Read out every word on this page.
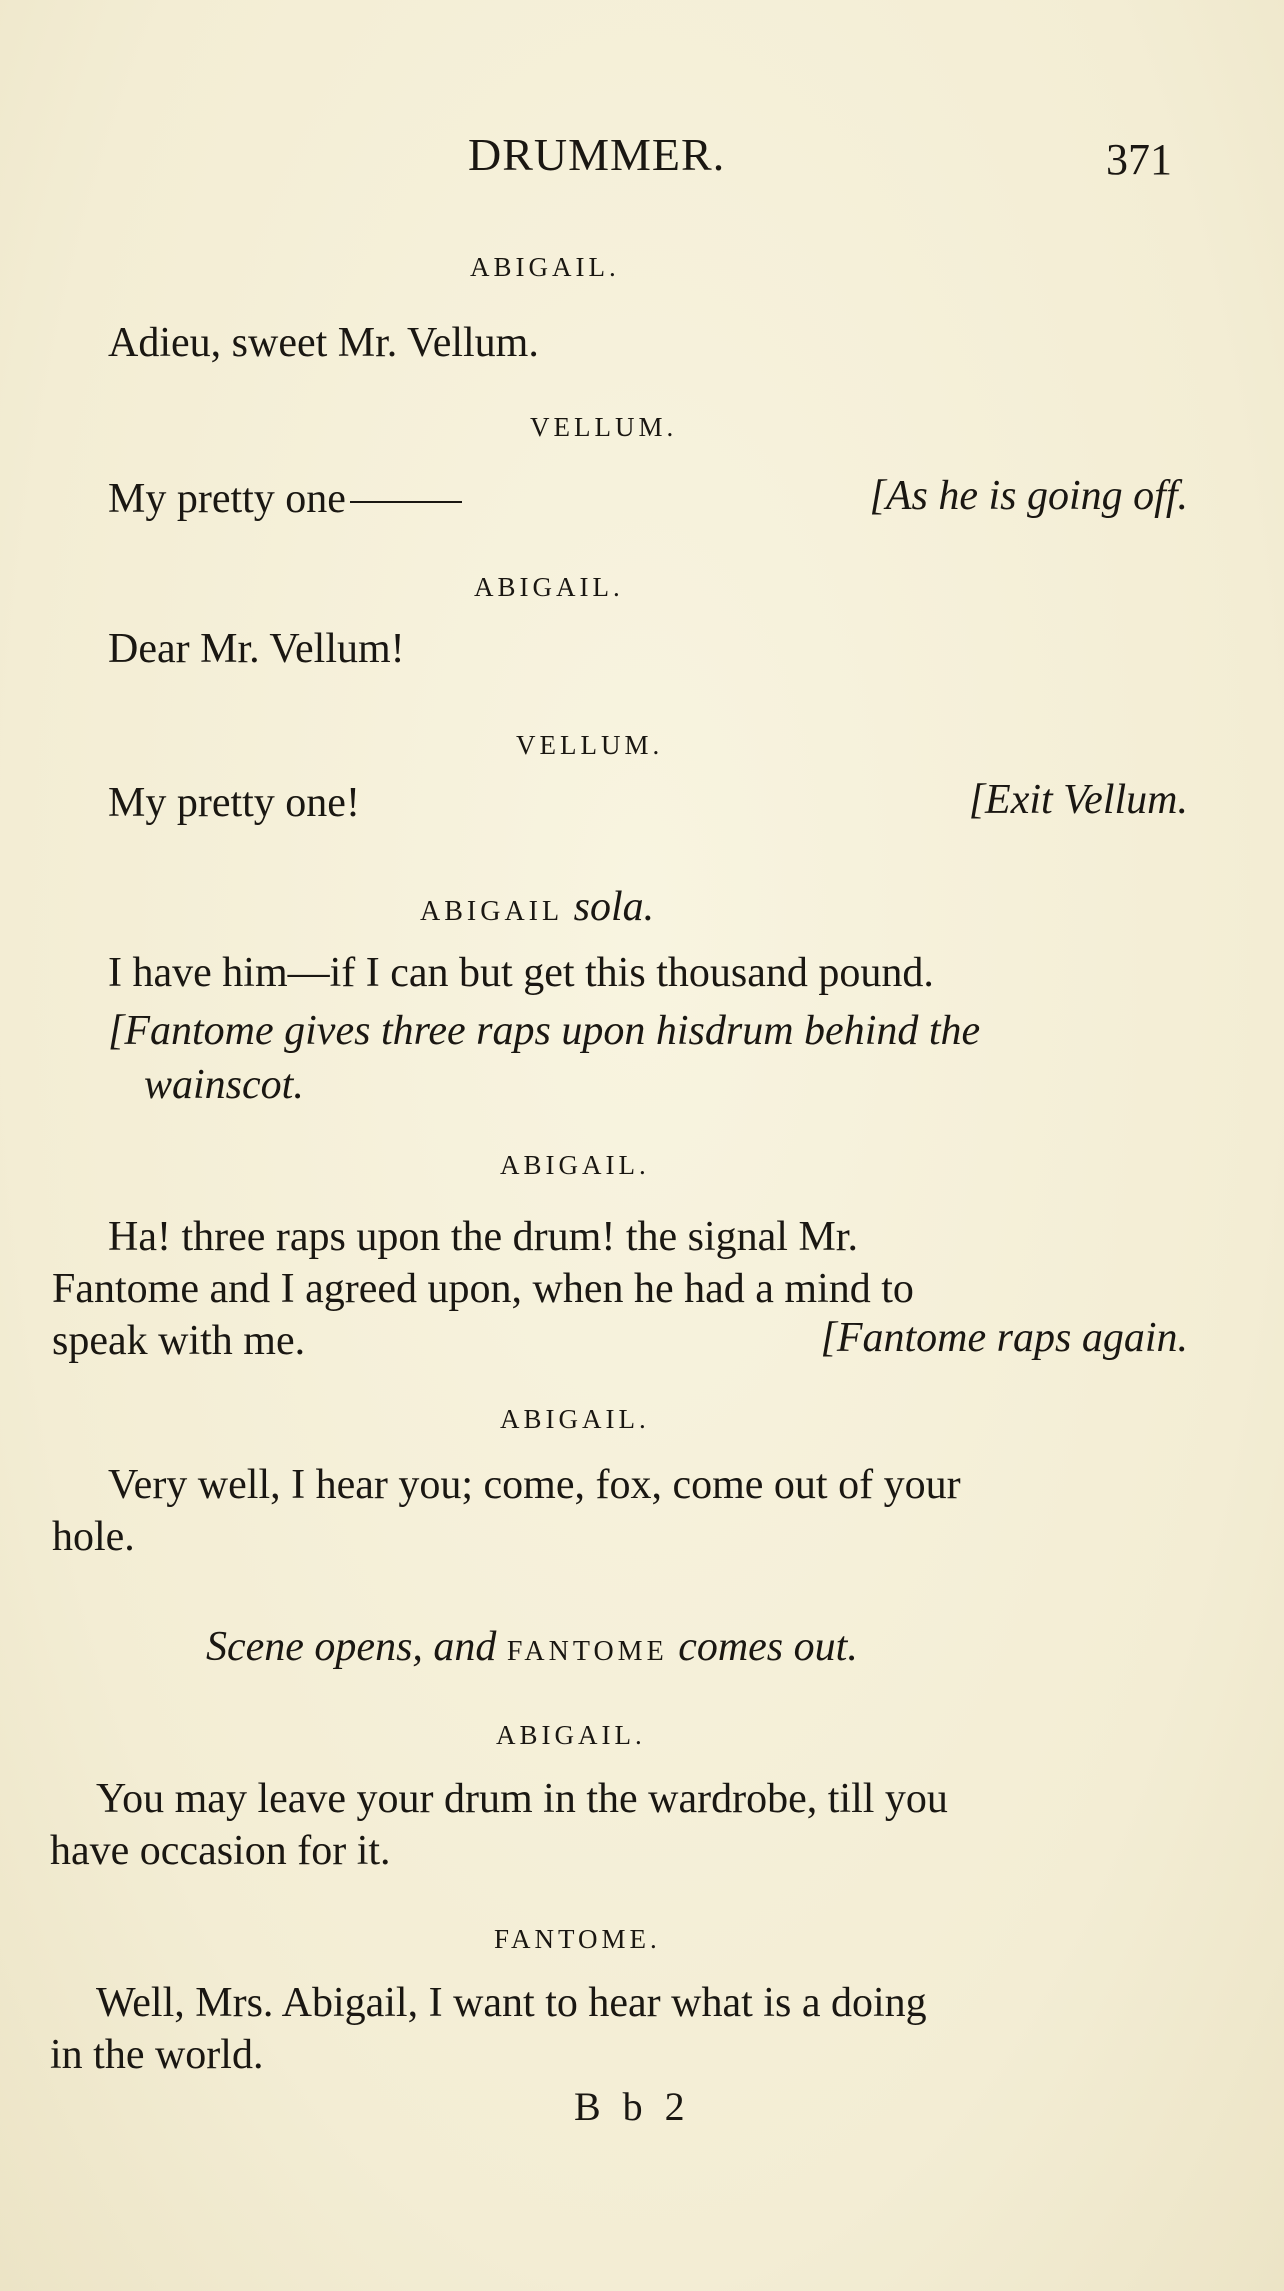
DRUMMER.	371
ABIGAIL.
Adieu, sweet Mr. Vellum.
VELLUM.
My pretty one	[As he is going off.
ABIGAIL.
Dear Mr. Vellum!
VELLUM.
My pretty one!	[Exit Vellum.
ABIGAIL sola.
I have him—if I can but get this thousand pound.
[Fantome gives three raps upon hisdrum behind the
wainscot.
ABIGAIL.
Ha! three raps upon the drum! the signal Mr.
Fantome and I agreed upon, when he had a mind to
speak with me.	[Fantome raps again.
ABIGAIL.
Very well, I hear you; come, fox, come out of your
hole.
Scene opens, and FANTOME comes out.
ABIGAIL.
You may leave your drum in the wardrobe, till you
have occasion for it.
FANTOME.
Well, Mrs. Abigail, I want to hear what is a doing
in the world.
B b 2
